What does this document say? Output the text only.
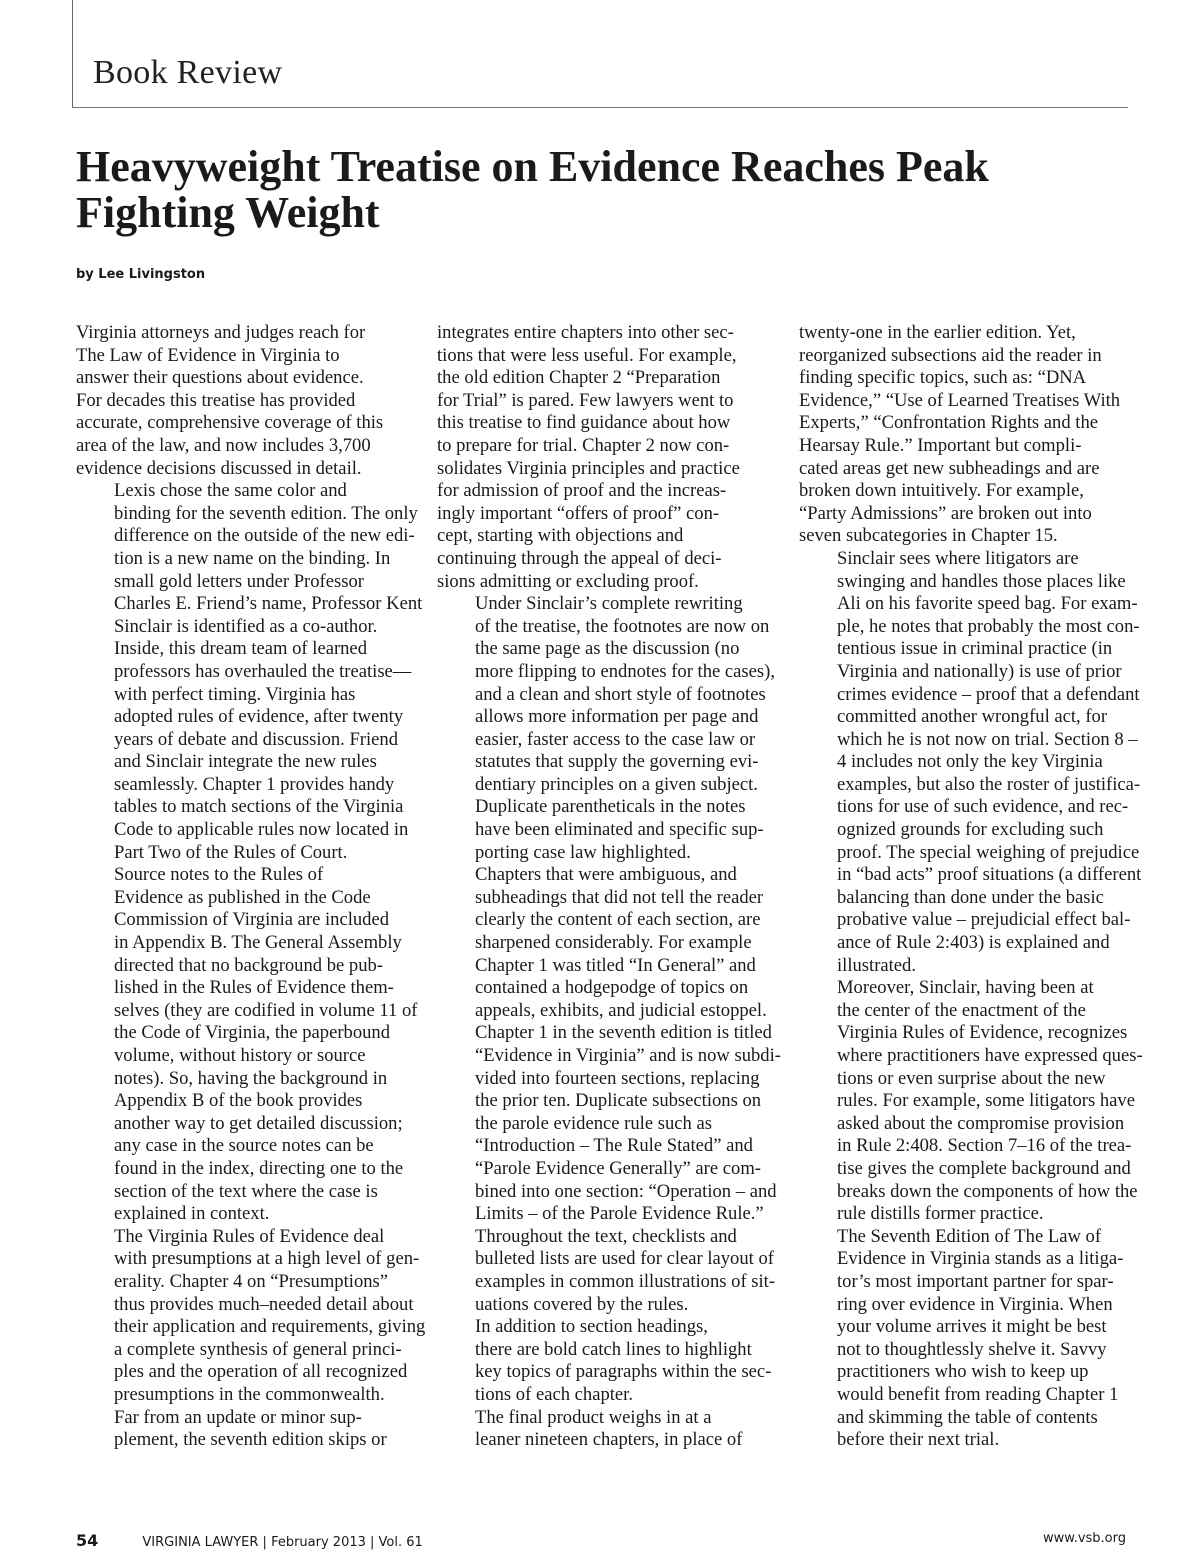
Book Review
Heavyweight Treatise on Evidence Reaches Peak Fighting Weight
by Lee Livingston

Virginia attorneys and judges reach for
The Law of Evidence in Virginia to
answer their questions about evidence.
For decades this treatise has provided
accurate, comprehensive coverage of this
area of the law, and now includes 3,700
evidence decisions discussed in detail.

Lexis chose the same color and
binding for the seventh edition. The only
difference on the outside of the new edi-
tion is a new name on the binding. In
small gold letters under Professor
Charles E. Friend’s name, Professor Kent
Sinclair is identified as a co-author.

Inside, this dream team of learned
professors has overhauled the treatise—
with perfect timing. Virginia has
adopted rules of evidence, after twenty
years of debate and discussion. Friend
and Sinclair integrate the new rules
seamlessly. Chapter 1 provides handy
tables to match sections of the Virginia
Code to applicable rules now located in
Part Two of the Rules of Court.

Source notes to the Rules of
Evidence as published in the Code
Commission of Virginia are included
in Appendix B. The General Assembly
directed that no background be pub-
lished in the Rules of Evidence them-
selves (they are codified in volume 11 of
the Code of Virginia, the paperbound
volume, without history or source
notes). So, having the background in
Appendix B of the book provides
another way to get detailed discussion;
any case in the source notes can be
found in the index, directing one to the
section of the text where the case is
explained in context.

The Virginia Rules of Evidence deal
with presumptions at a high level of gen-
erality. Chapter 4 on “Presumptions”
thus provides much–needed detail about
their application and requirements, giving
a complete synthesis of general princi-
ples and the operation of all recognized
presumptions in the commonwealth.

Far from an update or minor sup-
plement, the seventh edition skips or

integrates entire chapters into other sec-
tions that were less useful. For example,
the old edition Chapter 2 “Preparation
for Trial” is pared. Few lawyers went to
this treatise to find guidance about how
to prepare for trial. Chapter 2 now con-
solidates Virginia principles and practice
for admission of proof and the increas-
ingly important “offers of proof” con-
cept, starting with objections and
continuing through the appeal of deci-
sions admitting or excluding proof.

Under Sinclair’s complete rewriting
of the treatise, the footnotes are now on
the same page as the discussion (no
more flipping to endnotes for the cases),
and a clean and short style of footnotes
allows more information per page and
easier, faster access to the case law or
statutes that supply the governing evi-
dentiary principles on a given subject.
Duplicate parentheticals in the notes
have been eliminated and specific sup-
porting case law highlighted.

Chapters that were ambiguous, and
subheadings that did not tell the reader
clearly the content of each section, are
sharpened considerably. For example
Chapter 1 was titled “In General” and
contained a hodgepodge of topics on
appeals, exhibits, and judicial estoppel.
Chapter 1 in the seventh edition is titled
“Evidence in Virginia” and is now subdi-
vided into fourteen sections, replacing
the prior ten. Duplicate subsections on
the parole evidence rule such as
“Introduction – The Rule Stated” and
“Parole Evidence Generally” are com-
bined into one section: “Operation – and
Limits – of the Parole Evidence Rule.”

Throughout the text, checklists and
bulleted lists are used for clear layout of
examples in common illustrations of sit-
uations covered by the rules.

In addition to section headings,
there are bold catch lines to highlight
key topics of paragraphs within the sec-
tions of each chapter.

The final product weighs in at a
leaner nineteen chapters, in place of

twenty-one in the earlier edition. Yet,
reorganized subsections aid the reader in
finding specific topics, such as: “DNA
Evidence,” “Use of Learned Treatises With
Experts,” “Confrontation Rights and the
Hearsay Rule.” Important but compli-
cated areas get new subheadings and are
broken down intuitively. For example,
“Party Admissions” are broken out into
seven subcategories in Chapter 15.

Sinclair sees where litigators are
swinging and handles those places like
Ali on his favorite speed bag. For exam-
ple, he notes that probably the most con-
tentious issue in criminal practice (in
Virginia and nationally) is use of prior
crimes evidence – proof that a defendant
committed another wrongful act, for
which he is not now on trial. Section 8 –
4 includes not only the key Virginia
examples, but also the roster of justifica-
tions for use of such evidence, and rec-
ognized grounds for excluding such
proof. The special weighing of prejudice
in “bad acts” proof situations (a different
balancing than done under the basic
probative value – prejudicial effect bal-
ance of Rule 2:403) is explained and
illustrated.

Moreover, Sinclair, having been at
the center of the enactment of the
Virginia Rules of Evidence, recognizes
where practitioners have expressed ques-
tions or even surprise about the new
rules. For example, some litigators have
asked about the compromise provision
in Rule 2:408. Section 7–16 of the trea-
tise gives the complete background and
breaks down the components of how the
rule distills former practice.

The Seventh Edition of The Law of
Evidence in Virginia stands as a litiga-
tor’s most important partner for spar-
ring over evidence in Virginia. When
your volume arrives it might be best
not to thoughtlessly shelve it. Savvy
practitioners who wish to keep up
would benefit from reading Chapter 1
and skimming the table of contents
before their next trial.

54	VIRGINIA LAWYER | February 2013 | Vol. 61	www.vsb.org
